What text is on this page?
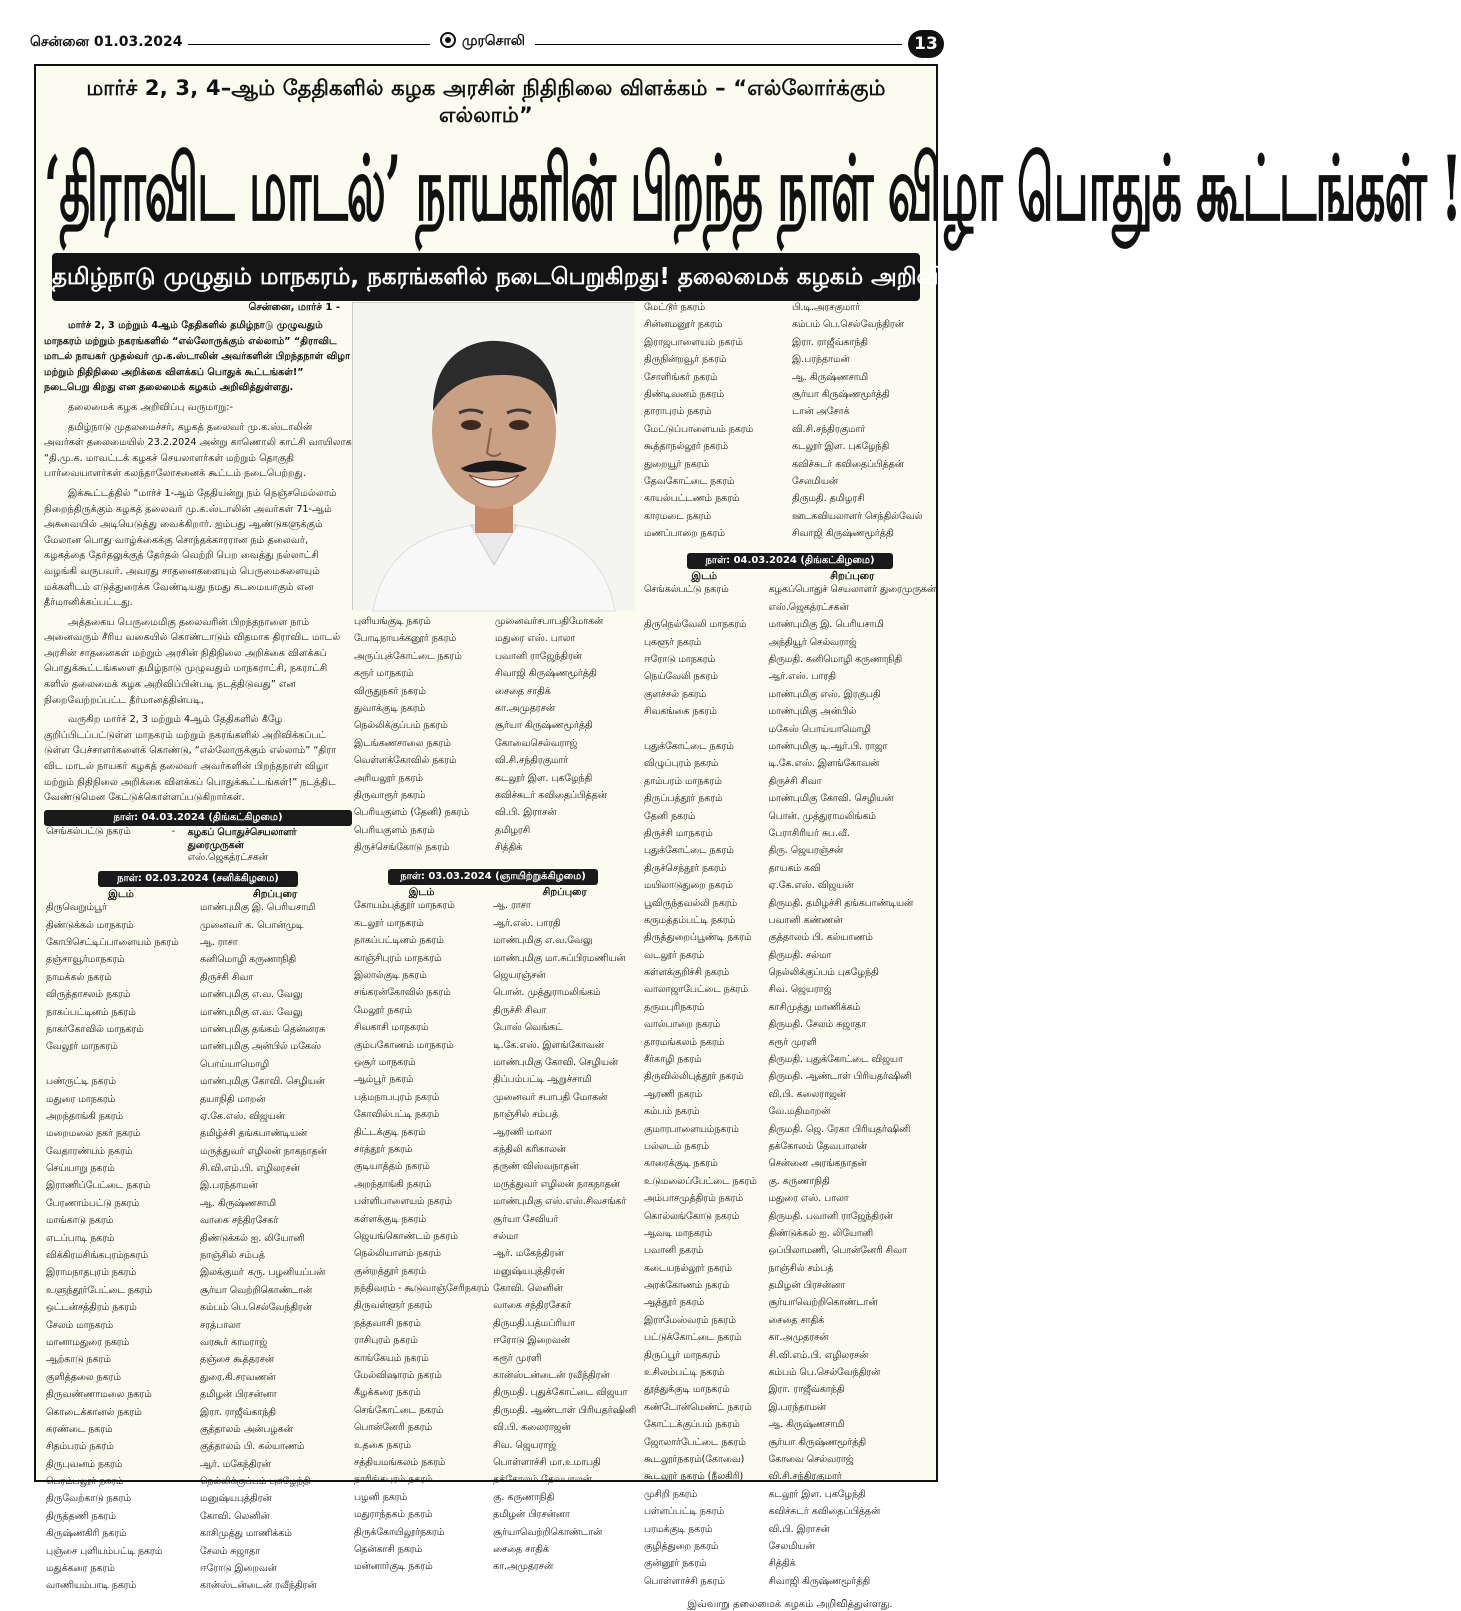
சென்னை 01.03.2024	முரசொலி	13
மார்ச் 2, 3, 4–ஆம் தேதிகளில் கழக அரசின் நிதிநிலை விளக்கம் – “எல்லோர்க்கும் எல்லாம்”
‘திராவிட மாடல்’ நாயகரின் பிறந்த நாள் விழா பொதுக் கூட்டங்கள் !
தமிழ்நாடு முழுதும் மாநகரம், நகரங்களில் நடைபெறுகிறது! தலைமைக் கழகம் அறிவிப்பு!
சென்னை, மார்ச் 1 -
மார்ச் 2, 3 மற்றும் 4ஆம் தேதிகளில் தமிழ்நாடு முழுவதும் மாநகரம் மற்றும் நகரங்களில் “எல்லோருக்கும் எல்லாம்” “திராவிட மாடல் நாயகர் முதல்வர் மு.க.ஸ்டாலின் அவர்களின் பிறந்தநாள் விழா மற்றும் நிதிநிலை அறிக்கை விளக்கப் பொதுக் கூட்டங்கள்!” நடைபெறு கிறது என தலைமைக் கழகம் அறிவித்துள்ளது.
தலைமைக் கழக அறிவிப்பு வருமாறு:-
தமிழ்நாடு முதலமைச்சர், கழகத் தலைவர் மு.க.ஸ்டாலின் அவர்கள் தலைமையில் 23.2.2024 அன்று காணொலி காட்சி வாயிலாக “தி.மு.க. மாவட்டக் கழகச் செயலாளர்கள் மற்றும் தொகுதி பார்வையாளர்கள் கலந்தாலோசனைக் கூட்டம் நடைபெற்றது.
இக்கூட்டத்தில் “மார்ச் 1-ஆம் தேதியன்று நம் நெஞ்சமெல்லாம் நிறைந்திருக்கும் கழகத் தலைவர் மு.க.ஸ்டாலின் அவர்கள் 71-ஆம் அகவையில் அடியெடுத்து வைக்கிறார். ஐம்பது ஆண்டுகளுக்கும் மேலான பொது வாழ்க்கைக்கு சொந்தக்காரரான நம் தலைவர், கழகத்தை தேர்தலுக்குத் தேர்தல் வெற்றி பெற வைத்து நல்லாட்சி வழங்கி வருபவர். அவரது சாதனைகளையும் பெருமைகளையும் மக்களிடம் எடுத்துரைக்க வேண்டியது நமது கடமையாகும் என தீர்மானிக்கப்பட்டது.
அத்தகைய பெருமைமிகு தலைவரின் பிறந்தநாளை நாம் அனைவரும் சீரிய வகையில் கொண்டாடும் விதமாக திராவிட மாடல் அரசின் சாதனைகள் மற்றும் அரசின் நிதிநிலை அறிக்கை விளக்கப் பொதுக்கூட்டங்களை தமிழ்நாடு முழுவதும் மாநகராட்சி, நகராட்சி களில் தலைமைக் கழக அறிவிப்பின்படி நடத்திடுவது” என நிறைவேற்றப்பட்ட தீர்மானத்தின்படி,
வருகிற மார்ச் 2, 3 மற்றும் 4ஆம் தேதிகளில் கீழே குறிப்பிடப்பட்டுள்ள மாநகரம் மற்றும் நகரங்களில் அறிவிக்கப்பட் டுள்ள பேச்சாளர்களைக் கொண்டு, “எல்லோருக்கும் எல்லாம்” “திரா விட மாடல் நாயகர் கழகத் தலைவர் அவர்களின் பிறந்தநாள் விழா மற்றும் நிதிநிலை அறிக்கை விளக்கப் பொதுக்கூட்டங்கள்!” நடத்திட வேண்டுமென கேட்டுக்கொள்ளப்படுகிறார்கள்.
நாள்: 04.03.2024 (திங்கட்கிழமை)
செங்கல்பட்டு நகரம்	-	கழகப் பொதுச்செயலாளர் துரைமுருகன்
		எஸ்.ஜெகத்ரட்சகன்
நாள்: 02.03.2024 (சனிக்கிழமை)
இடம்	சிறப்புரை
திருவெறும்பூர்	மாண்புமிகு இ. பெரியசாமி
திண்டுக்கல் மாநகரம்	முனைவர் க. பொன்முடி
கோபிசெட்டிப்பாளையம் நகரம்	ஆ. ராசா
தஞ்சாவூர்மாநகரம்	கனிமொழி கருணாநிதி
நாமக்கல் நகரம்	திருச்சி சிவா
விருத்தாசலம் நகரம்	மாண்புமிகு எ.வ. வேலு
நாகப்பட்டினம் நகரம்	மாண்புமிகு எ.வ. வேலு
நாகர்கோவில் மாநகரம்	மாண்புமிகு தங்கம் தென்னரசு
வேலூர் மாநகரம்	மாண்புமிகு அன்பில் மகேஸ்
	பொய்யாமொழி
பண்ருட்டி நகரம்	மாண்புமிகு கோவி. செழியன்
மதுரை மாநகரம்	தயாநிதி மாறன்
அறந்தாங்கி நகரம்	ஏ.கே.எஸ். விஜயன்
மறைமலை நகர் நகரம்	தமிழ்ச்சி தங்கபாண்டியன்
வேதாரண்யம் நகரம்	மருத்துவர் எழிலன் நாகநாதன்
செய்யாறு நகரம்	சி.வி.எம்.பி. எழிலரசன்
இராணிப்பேட்டை நகரம்	இ.பரந்தாமன்
பேரணாம்பட்டு நகரம்	ஆ. கிருஷ்ணசாமி
மாங்காடு நகரம்	வாகை சந்திரசேகர்
எடப்பாடி நகரம்	திண்டுக்கல் ஐ. லியோனி
விக்கிரமசிங்கபுரம்நகரம்	நாஞ்சில் சம்பத்
இராமநாதபுரம் நகரம்	இலக்குமா் கரு. பழனியப்பன்
உளுந்தூர்பேட்டை நகரம்	சூர்யா வெற்றிகொண்டான்
ஒட்டன்சத்திரம் நகரம்	கம்பம் பெ.செல்வேந்திரன்
சேலம் மாநகரம்	சரத்பாலா
மானாமதுரை நகரம்	வரகூர் காமராஜ்
ஆற்காடு நகரம்	தஞ்சை கூத்தரசன்
குளித்தலை நகரம்	துரை.கி.சரவணன்
திருவண்ணாமலை நகரம்	தமிழன் பிரசன்னா
கொடைக்கானல் நகரம்	இரா. ராஜீவ்காந்தி
சுரண்டை நகரம்	குத்தாலம் அன்பழகன்
சிதம்பரம் நகரம்	குத்தாலம் பி. கல்யாணம்
திருபுவனம் நகரம்	ஆர். மகேந்திரன்
பெரம்பலூர் நகரம்	நெல்லிக்குப்பம் புகழேந்தி
திருவேற்காடு நகரம்	மனுஷ்யபுத்திரன்
திருத்தணி நகரம்	கோவி. லெனின்
கிருஷ்ணகிரி நகரம்	காசிமுத்து மாணிக்கம்
புஞ்சை புளியம்பட்டி நகரம்	சேலம் சுஜாதா
மதுக்கரை நகரம்	ஈரோடு இறைவன்
வாணியம்பாடி நகரம்	கான்ஸ்டன்டைன் ரவீந்திரன்
புளியங்குடி நகரம்	முனைவர்சபாபதிமோகன்
போடிநாயக்கனூர் நகரம்	மதுரை எஸ். பாலா
அருப்புக்கோட்டை நகரம்	பவானி ராஜேந்திரன்
கரூர் மாநகரம்	சிவாஜி கிருஷ்ணமூர்த்தி
விருதுநகர் நகரம்	சைதை சாதிக்
துவாக்குடி நகரம்	கா.அமுதரசன்
நெல்லிக்குப்பம் நகரம்	சூர்யா கிருஷ்ணமூர்த்தி
இடங்கணசாலை நகரம்	கோவைசெல்வராஜ்
வெள்ளக்கோவில் நகரம்	வி.சி.சந்திரகுமார்
அரியலூர் நகரம்	கடலூர் இள. புகழேந்தி
திருவாரூர் நகரம்	கவிச்சுடர் கவிதைப்பித்தன்
பெரியகுளம் (தேனி) நகரம்	வி.பி. இராசன்
பெரியகுளம் நகரம்	தமிழரசி
திருச்செங்கோடு நகரம்	சித்திக்
நாள்: 03.03.2024 (ஞாயிற்றுக்கிழமை)
இடம்	சிறப்புரை
கோயம்புத்தூர் மாநகரம்	ஆ. ராசா
கடலூர் மாநகரம்	ஆர்.எஸ். பாரதி
நாகப்பட்டினம் நகரம்	மாண்புமிகு எ.வ.வேலு
காஞ்சிபுரம் மாநகரம்	மாண்புமிகு மா.சுப்பிரமணியன்
இலால்குடி நகரம்	ஜெயரஞ்சன்
சங்கரன்கோவில் நகரம்	பொன். முத்துராமலிங்கம்
மேலூர் நகரம்	திருச்சி சிவா
சிவகாசி மாநகரம்	போஸ் வெங்கட்
கும்பகோணம் மாநகரம்	டி.கே.எஸ். இளங்கோவன்
ஒசூர் மாநகரம்	மாண்புமிகு கோவி. செழியன்
ஆம்பூர் நகரம்	திப்பம்பட்டி ஆறுச்சாமி
பத்மநாபபுரம் நகரம்	முனைவர் சபாபதி மோகன்
கோவில்பட்டி நகரம்	நாஞ்சில் சம்பத்
திட்டக்குடி நகரம்	ஆரணி மாலா
சாத்தூர் நகரம்	கந்திலி கரிகாலன்
குடியாத்தம் நகரம்	தருண் விஸ்வநாதன்
அறந்தாங்கி நகரம்	மருத்துவர் எழிலன் நாகநாதன்
பள்ளிபாளையம் நகரம்	மாண்புமிகு எஸ்.எஸ்.சிவசங்கர்
கள்ளக்குடி நகரம்	சூர்யா சேவியர்
ஜெயங்கொண்டம் நகரம்	சல்மா
நெல்லியாளம் நகரம்	ஆர். மகேந்திரன்
குன்றத்தூர் நகரம்	மனுஷ்யபுத்திரன்
நந்திவரம் - கூடுவாஞ்சேரிநகரம்	கோவி. லெனின்
திருவள்ளூர் நகரம்	வாகை சந்திரசேகர்
நத்தவாசி நகரம்	திருமதி.பத்மப்ரியா
ராசிபுரம் நகரம்	ஈரோடு இறைவன்
காங்கேயம் நகரம்	கரூர் முரளி
மேல்விஷாரம் நகரம்	கான்ஸ்டன்டைன் ரவீந்திரன்
கீழக்கரை நகரம்	திருமதி. புதுக்கோட்டை விஜயா
செங்கோட்டை நகரம்	திருமதி. ஆண்டாள் பிரியதர்ஷினி
பொன்னேரி நகரம்	வி.பி. கலைராஜன்
உதகை நகரம்	சிவ. ஜெயராஜ்
சத்தியமங்கலம் நகரம்	பொள்ளாச்சி மா.உமாபதி
நாரிங்கபுரம் நகரம்	தக்கோலம் தேவபாலன்
பழனி நகரம்	கு. கருணாநிதி
மதுராந்தகம் நகரம்	தமிழன் பிரசன்னா
திருக்கோயிலூர்நகரம்	சூர்யாவெற்றிகொண்டான்
தென்காசி நகரம்	சைதை சாதிக்
மன்னார்குடி நகரம்	கா.அமுதரசன்
மேட்டூர் நகரம்	பி.டி.அரசகுமார்
சின்னமனூர் நகரம்	கம்பம் பெ.செல்வேந்திரன்
இராஜபாளையம் நகரம்	இரா. ராஜீவ்காந்தி
திருநின்றவூர் நகரம்	இ.பரந்தாமன்
சோளிங்கர் நகரம்	ஆ. கிருஷ்ணசாமி
திண்டிவனம் நகரம்	சூர்யா கிருஷ்ணமூர்த்தி
தாராபுரம் நகரம்	டான் அசோக்
மேட்டுப்பாளையம் நகரம்	வி.சி.சந்திரகுமார்
கூத்தாநல்லூர் நகரம்	கடலூர் இள. புகழேந்தி
துறையூர் நகரம்	கவிச்சுடர் கவிதைப்பித்தன்
தேவகோட்டை நகரம்	சேலமியன்
காயல்பட்டணம் நகரம்	திருமதி. தமிழரசி
காரமடை நகரம்	ஊடகவியலாளர் செந்தில்வேல்
மணப்பாறை நகரம்	சிவாஜி கிருஷ்ணமூர்த்தி
நாள்: 04.03.2024 (திங்கட்கிழமை)
இடம்	சிறப்புரை
செங்கல்பட்டு நகரம்	கழகப்பொதுச் செயலாளர் துரைமுருகன்
	எஸ்.ஜெகத்ரட்சகன்
திருநெல்வேலி மாநகரம்	மாண்புமிகு இ. பெரியசாமி
புகளூர் நகரம்	அந்தியூர் செல்வராஜ்
ஈரோடு மாநகரம்	திருமதி. கனிமொழி கருணாநிதி
நெய்வேலி நகரம்	ஆர்.எஸ். பாரதி
குளச்சல் நகரம்	மாண்புமிகு எஸ். இரகுபதி
சிவகங்கை நகரம்	மாண்புமிகு அன்பில்
	மகேஸ் பொய்யாமொழி
புதுக்கோட்டை நகரம்	மாண்புமிகு டி.ஆர்.பி. ராஜா
விழுப்புரம் நகரம்	டி.கே.எஸ். இளங்கோவன்
தாம்பரம் மாநகரம்	திருச்சி சிவா
திருப்பத்தூர் நகரம்	மாண்புமிகு கோவி. செழியன்
தேனி நகரம்	பொன். முத்துராமலிங்கம்
திருச்சி மாநகரம்	பேராசிரியர் சுப.வீ.
புதுக்கோட்டை நகரம்	திரு. ஜெயரஞ்சன்
திருச்செந்தூர் நகரம்	தாயகம் கவி
மயிலாடுதுறை நகரம்	ஏ.கே.எஸ். விஜயன்
பூவிருந்தவல்லி நகரம்	திருமதி. தமிழச்சி தங்கபாண்டியன்
கருமத்தம்பட்டி நகரம்	பவானி கண்ணன்
திருத்துறைப்பூண்டி நகரம்	குத்தாலம் பி. கல்யாணம்
வடலூர் நகரம்	திருமதி. சல்மா
கள்ளக்குறிச்சி நகரம்	நெல்லிக்குப்பம் புகழேந்தி
வாலாஜாபேட்டை நகரம்	சிவ. ஜெயராஜ்
தருமபுரிநகரம்	காசிமுத்து மாணிக்கம்
வால்பாறை நகரம்	திருமதி. சேலம் சுஜாதா
தாரமங்கலம் நகரம்	கரூர் முரளி
சீர்காழி நகரம்	திருமதி. புதுக்கோட்டை விஜயா
திருவில்லிபுத்தூர் நகரம்	திருமதி. ஆண்டாள் பிரியதர்ஷினி
ஆரணி நகரம்	வி.பி. கலைராஜன்
கம்பம் நகரம்	வே.மதிமாறன்
குமாரபாளையம்நகரம்	திருமதி. ஜெ. ரேகா பிரியதர்ஷினி
பல்லடம் நகரம்	தக்கோலம் தேவபாலன்
காரைக்குடி நகரம்	சென்னை அரங்கநாதன்
உடுமலைப்பேட்டை நகரம்	கு. கருணாநிதி
அம்பாசமுத்திரம் நகரம்	மதுரை எஸ். பாலா
கொல்லங்கோடு நகரம்	திருமதி. பவானி ராஜேந்திரன்
ஆவடி மாநகரம்	திண்டுக்கல் ஐ. லியோனி
பவானி நகரம்	ஒப்பிலாமணி, பொன்னேரி சிவா
கடையநல்லூர் நகரம்	நாஞ்சில் சம்பத்
அரக்கோணம் நகரம்	தமிழன் பிரசன்னா
ஆத்தூர் நகரம்	சூர்யாவெற்றிகொண்டான்
இராமேஸ்வரம் நகரம்	சைதை சாதிக்
பட்டுக்கோட்டை நகரம்	கா.அமுதரசன்
திருப்பூர் மாநகரம்	சி.வி.எம்.பி. எழிலரசன்
உசிலம்பட்டி நகரம்	கம்பம் பெ.செல்வேந்திரன்
தூத்துக்குடி மாநகரம்	இரா. ராஜீவ்காந்தி
கண்டோன்மெண்ட் நகரம்	இ.பரந்தாமன்
கோட்டக்குப்பம் நகரம்	ஆ. கிருஷ்ணசாமி
ஜோலார்பேட்டை நகரம்	சூர்யா கிருஷ்ணமூர்த்தி
கூடலூர்நகரம்(கோவை)	கோவை செல்வராஜ்
கூடலூர் நகரம் (நீலகிரி)	வி.சி.சந்திரகுமார்
முசிறி நகரம்	கடலூர் இள. புகழேந்தி
பள்ளப்பட்டி நகரம்	கவிச்சுடர் கவிதைப்பித்தன்
பரமக்குடி நகரம்	வி.பி. இராசன்
குழித்துறை நகரம்	சேலமியன்
குன்னூர் நகரம்	சித்திக்
பொள்ளாச்சி நகரம்	சிவாஜி கிருஷ்ணமூர்த்தி
இவ்வாறு தலைமைக் கழகம் அறிவித்துள்ளது.
